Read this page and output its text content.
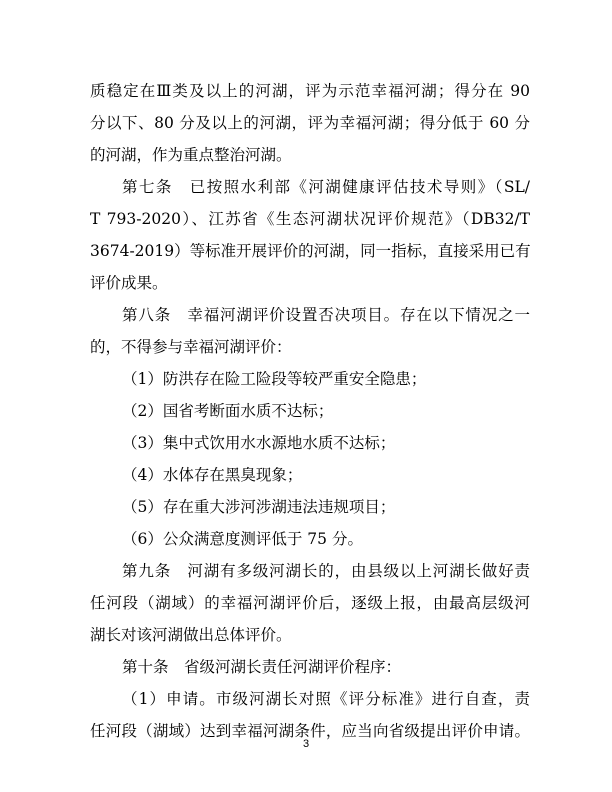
质稳定在Ⅲ类及以上的河湖，评为示范幸福河湖；得分在 90
分以下、80 分及以上的河湖，评为幸福河湖；得分低于 60 分
的河湖，作为重点整治河湖。
第七条　已按照水利部《河湖健康评估技术导则》（SL/
T 793-2020）、江苏省《生态河湖状况评价规范》（DB32/T
3674-2019）等标准开展评价的河湖，同一指标，直接采用已有
评价成果。
第八条　幸福河湖评价设置否决项目。存在以下情况之一
的，不得参与幸福河湖评价：
（1）防洪存在险工险段等较严重安全隐患；
（2）国省考断面水质不达标；
（3）集中式饮用水水源地水质不达标；
（4）水体存在黑臭现象；
（5）存在重大涉河涉湖违法违规项目；
（6）公众满意度测评低于 75 分。
第九条　河湖有多级河湖长的，由县级以上河湖长做好责
任河段（湖域）的幸福河湖评价后，逐级上报，由最高层级河
湖长对该河湖做出总体评价。
第十条　省级河湖长责任河湖评价程序：
（1）申请。市级河湖长对照《评分标准》进行自查，责
任河段（湖域）达到幸福河湖条件，应当向省级提出评价申请。
3
